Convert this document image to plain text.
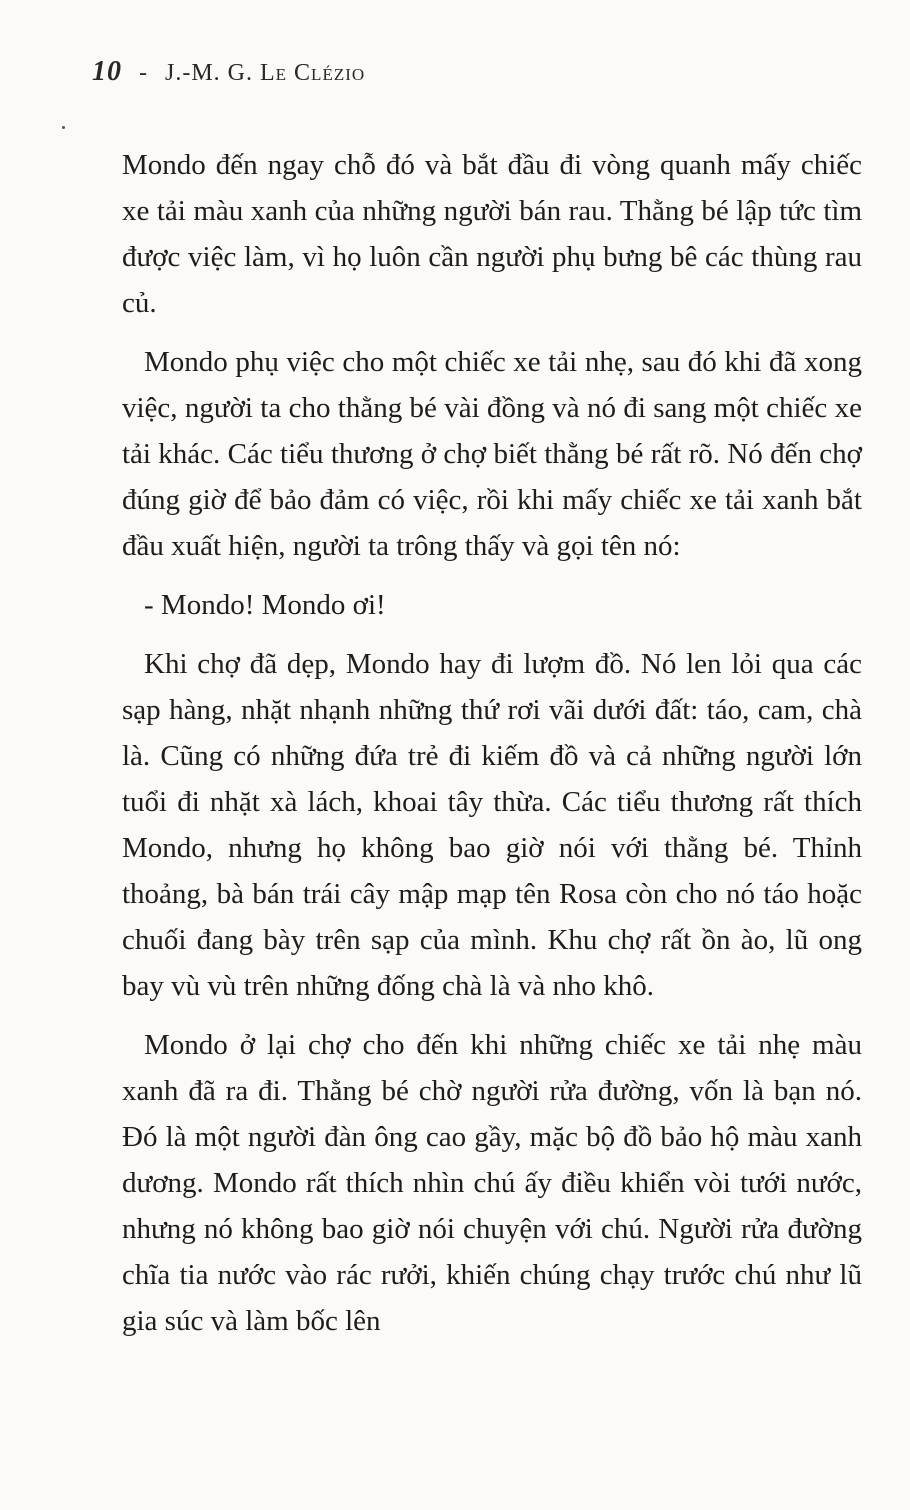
10 - J.-M. G. Le Clézio

Mondo đến ngay chỗ đó và bắt đầu đi vòng quanh mấy chiếc xe tải màu xanh của những người bán rau. Thằng bé lập tức tìm được việc làm, vì họ luôn cần người phụ bưng bê các thùng rau củ.

Mondo phụ việc cho một chiếc xe tải nhẹ, sau đó khi đã xong việc, người ta cho thằng bé vài đồng và nó đi sang một chiếc xe tải khác. Các tiểu thương ở chợ biết thằng bé rất rõ. Nó đến chợ đúng giờ để bảo đảm có việc, rồi khi mấy chiếc xe tải xanh bắt đầu xuất hiện, người ta trông thấy và gọi tên nó:

- Mondo! Mondo ơi!

Khi chợ đã dẹp, Mondo hay đi lượm đồ. Nó len lỏi qua các sạp hàng, nhặt nhạnh những thứ rơi vãi dưới đất: táo, cam, chà là. Cũng có những đứa trẻ đi kiếm đồ và cả những người lớn tuổi đi nhặt xà lách, khoai tây thừa. Các tiểu thương rất thích Mondo, nhưng họ không bao giờ nói với thằng bé. Thỉnh thoảng, bà bán trái cây mập mạp tên Rosa còn cho nó táo hoặc chuối đang bày trên sạp của mình. Khu chợ rất ồn ào, lũ ong bay vù vù trên những đống chà là và nho khô.

Mondo ở lại chợ cho đến khi những chiếc xe tải nhẹ màu xanh đã ra đi. Thằng bé chờ người rửa đường, vốn là bạn nó. Đó là một người đàn ông cao gầy, mặc bộ đồ bảo hộ màu xanh dương. Mondo rất thích nhìn chú ấy điều khiển vòi tưới nước, nhưng nó không bao giờ nói chuyện với chú. Người rửa đường chĩa tia nước vào rác rưởi, khiến chúng chạy trước chú như lũ gia súc và làm bốc lên
